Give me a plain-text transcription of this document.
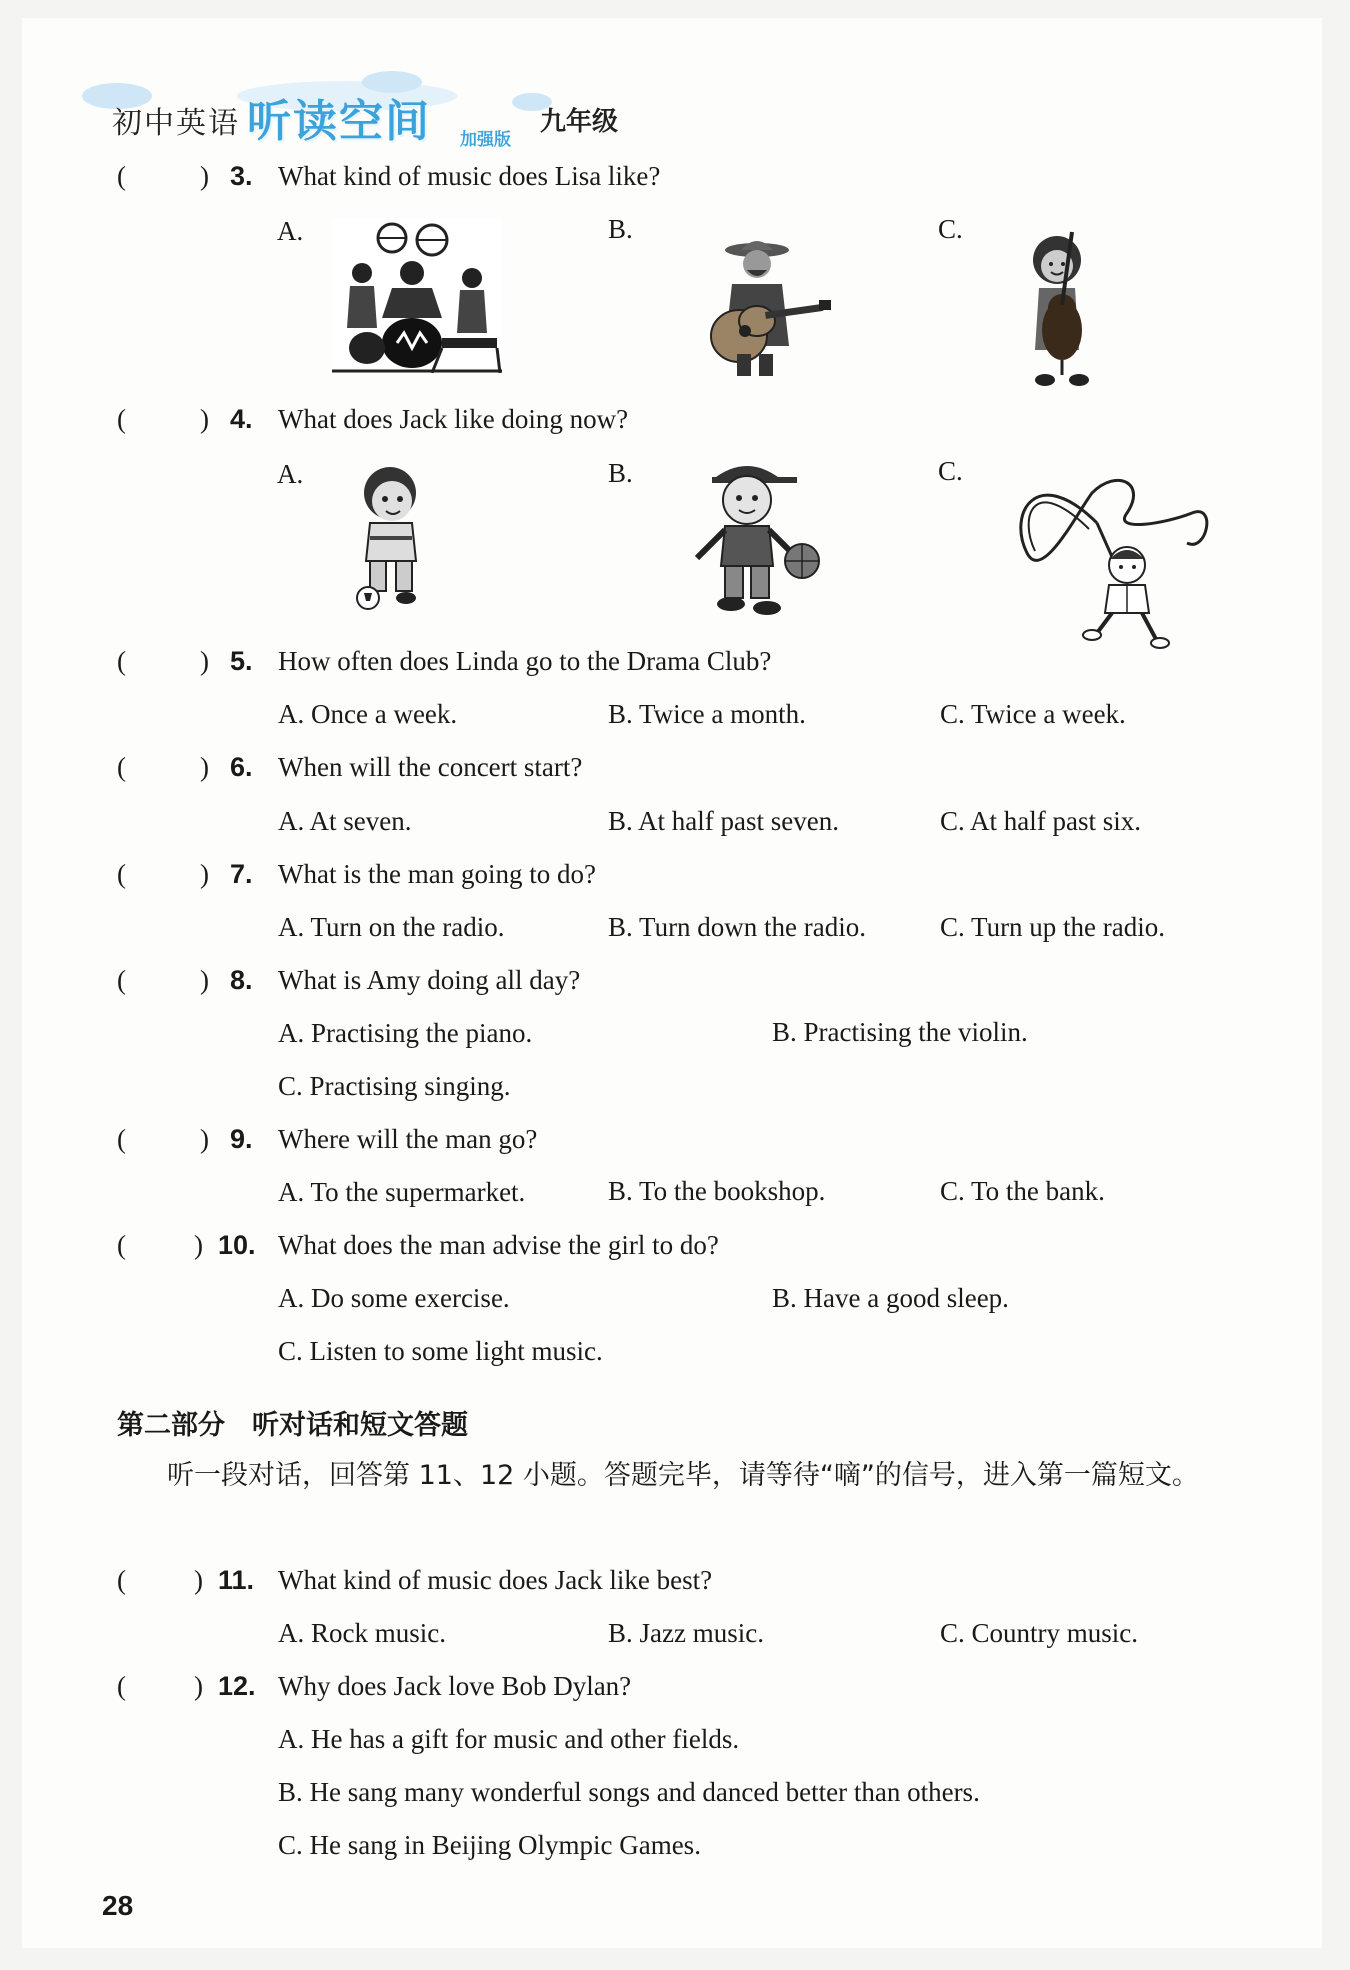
初中英语 听读空间 加强版
九年级
(	) 3. What kind of music does Lisa like?
A.	B.	C.
(	) 4. What does Jack like doing now?
A.	B.	C.
(	) 5. How often does Linda go to the Drama Club?
A. Once a week.	B. Twice a month.	C. Twice a week.
(	) 6. When will the concert start?
A. At seven.	B. At half past seven.	C. At half past six.
(	) 7. What is the man going to do?
A. Turn on the radio.	B. Turn down the radio.	C. Turn up the radio.
(	) 8. What is Amy doing all day?
A. Practising the piano.	B. Practising the violin.
C. Practising singing.
(	) 9. Where will the man go?
A. To the supermarket.	B. To the bookshop.	C. To the bank.
(	) 10. What does the man advise the girl to do?
A. Do some exercise.	B. Have a good sleep.
C. Listen to some light music.
第二部分　听对话和短文答题
听一段对话，回答第 11、12 小题。答题完毕，请等待“嘀”的信号，进入第一篇短文。
(	) 11. What kind of music does Jack like best?
A. Rock music.	B. Jazz music.	C. Country music.
(	) 12. Why does Jack love Bob Dylan?
A. He has a gift for music and other fields.
B. He sang many wonderful songs and danced better than others.
C. He sang in Beijing Olympic Games.
28
